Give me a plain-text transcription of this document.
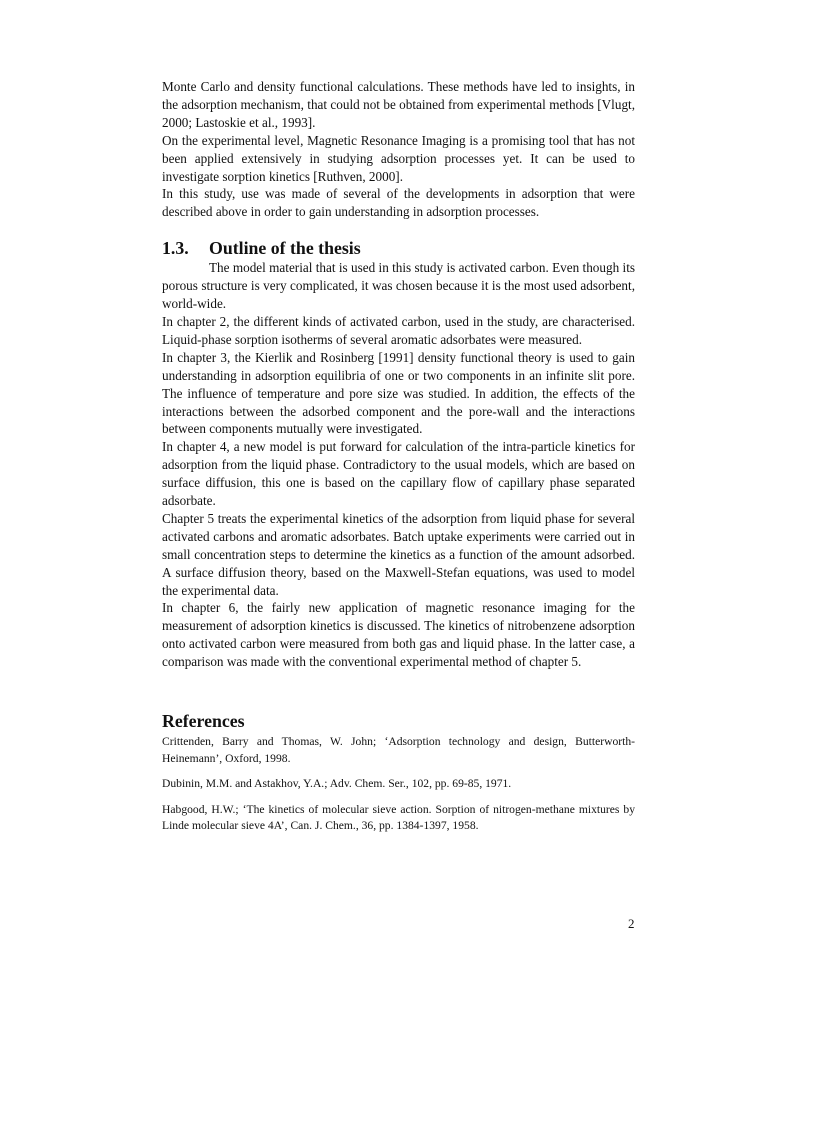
Monte Carlo and density functional calculations. These methods have led to insights, in the adsorption mechanism, that could not be obtained from experimental methods [Vlugt, 2000; Lastoskie et al., 1993].

On the experimental level, Magnetic Resonance Imaging is a promising tool that has not been applied extensively in studying adsorption processes yet. It can be used to investigate sorption kinetics [Ruthven, 2000].

In this study, use was made of several of the developments in adsorption that were described above in order to gain understanding in adsorption processes.

1.3. Outline of the thesis

The model material that is used in this study is activated carbon. Even though its porous structure is very complicated, it was chosen because it is the most used adsorbent, world-wide.

In chapter 2, the different kinds of activated carbon, used in the study, are characterised. Liquid-phase sorption isotherms of several aromatic adsorbates were measured.

In chapter 3, the Kierlik and Rosinberg [1991] density functional theory is used to gain understanding in adsorption equilibria of one or two components in an infinite slit pore. The influence of temperature and pore size was studied. In addition, the effects of the interactions between the adsorbed component and the pore-wall and the interactions between components mutually were investigated.

In chapter 4, a new model is put forward for calculation of the intra-particle kinetics for adsorption from the liquid phase. Contradictory to the usual models, which are based on surface diffusion, this one is based on the capillary flow of capillary phase separated adsorbate.

Chapter 5 treats the experimental kinetics of the adsorption from liquid phase for several activated carbons and aromatic adsorbates. Batch uptake experiments were carried out in small concentration steps to determine the kinetics as a function of the amount adsorbed. A surface diffusion theory, based on the Maxwell-Stefan equations, was used to model the experimental data.

In chapter 6, the fairly new application of magnetic resonance imaging for the measurement of adsorption kinetics is discussed. The kinetics of nitrobenzene adsorption onto activated carbon were measured from both gas and liquid phase. In the latter case, a comparison was made with the conventional experimental method of chapter 5.

References

Crittenden, Barry and Thomas, W. John; ‘Adsorption technology and design, Butterworth-Heinemann’, Oxford, 1998.

Dubinin, M.M. and Astakhov, Y.A.; Adv. Chem. Ser., 102, pp. 69-85, 1971.

Habgood, H.W.; ‘The kinetics of molecular sieve action. Sorption of nitrogen-methane mixtures by Linde molecular sieve 4A’, Can. J. Chem., 36, pp. 1384-1397, 1958.

2
